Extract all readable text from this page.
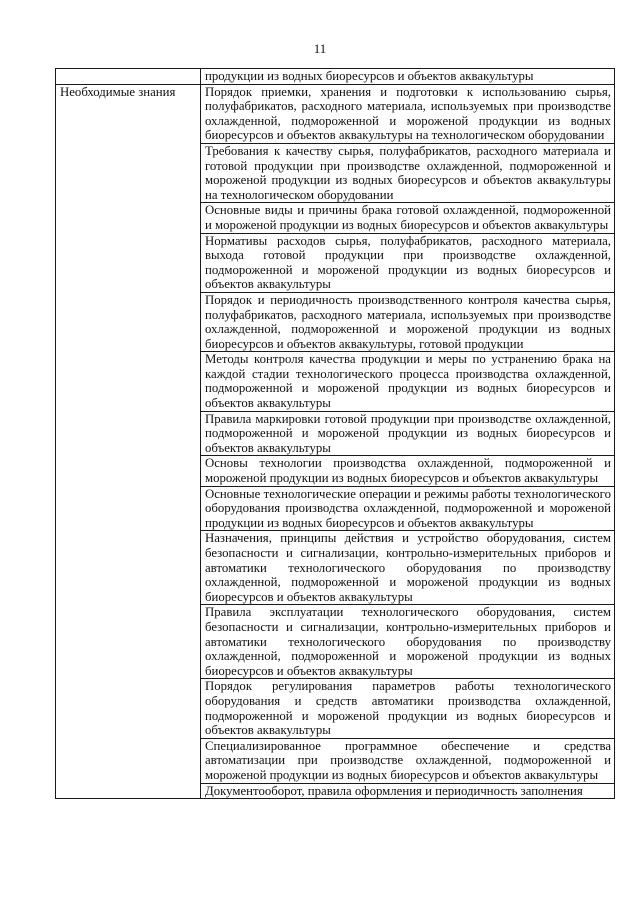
11
	продукции из водных биоресурсов и объектов аквакультуры
Необходимые знания	Порядок приемки, хранения и подготовки к использованию сырья, полуфабрикатов, расходного материала, используемых при производстве охлажденной, подмороженной и мороженой продукции из водных биоресурсов и объектов аквакультуры на технологическом оборудовании
	Требования к качеству сырья, полуфабрикатов, расходного материала и готовой продукции при производстве охлажденной, подмороженной и мороженой продукции из водных биоресурсов и объектов аквакультуры на технологическом оборудовании
	Основные виды и причины брака готовой охлажденной, подмороженной и мороженой продукции из водных биоресурсов и объектов аквакультуры
	Нормативы расходов сырья, полуфабрикатов, расходного материала, выхода готовой продукции при производстве охлажденной, подмороженной и мороженой продукции из водных биоресурсов и объектов аквакультуры
	Порядок и периодичность производственного контроля качества сырья, полуфабрикатов, расходного материала, используемых при производстве охлажденной, подмороженной и мороженой продукции из водных биоресурсов и объектов аквакультуры, готовой продукции
	Методы контроля качества продукции и меры по устранению брака на каждой стадии технологического процесса производства охлажденной, подмороженной и мороженой продукции из водных биоресурсов и объектов аквакультуры
	Правила маркировки готовой продукции при производстве охлажденной, подмороженной и мороженой продукции из водных биоресурсов и объектов аквакультуры
	Основы технологии производства охлажденной, подмороженной и мороженой продукции из водных биоресурсов и объектов аквакультуры
	Основные технологические операции и режимы работы технологического оборудования производства охлажденной, подмороженной и мороженой продукции из водных биоресурсов и объектов аквакультуры
	Назначения, принципы действия и устройство оборудования, систем безопасности и сигнализации, контрольно-измерительных приборов и автоматики технологического оборудования по производству охлажденной, подмороженной и мороженой продукции из водных биоресурсов и объектов аквакультуры
	Правила эксплуатации технологического оборудования, систем безопасности и сигнализации, контрольно-измерительных приборов и автоматики технологического оборудования по производству охлажденной, подмороженной и мороженой продукции из водных биоресурсов и объектов аквакультуры
	Порядок регулирования параметров работы технологического оборудования и средств автоматики производства охлажденной, подмороженной и мороженой продукции из водных биоресурсов и объектов аквакультуры
	Специализированное программное обеспечение и средства автоматизации при производстве охлажденной, подмороженной и мороженой продукции из водных биоресурсов и объектов аквакультуры
	Документооборот, правила оформления и периодичность заполнения
